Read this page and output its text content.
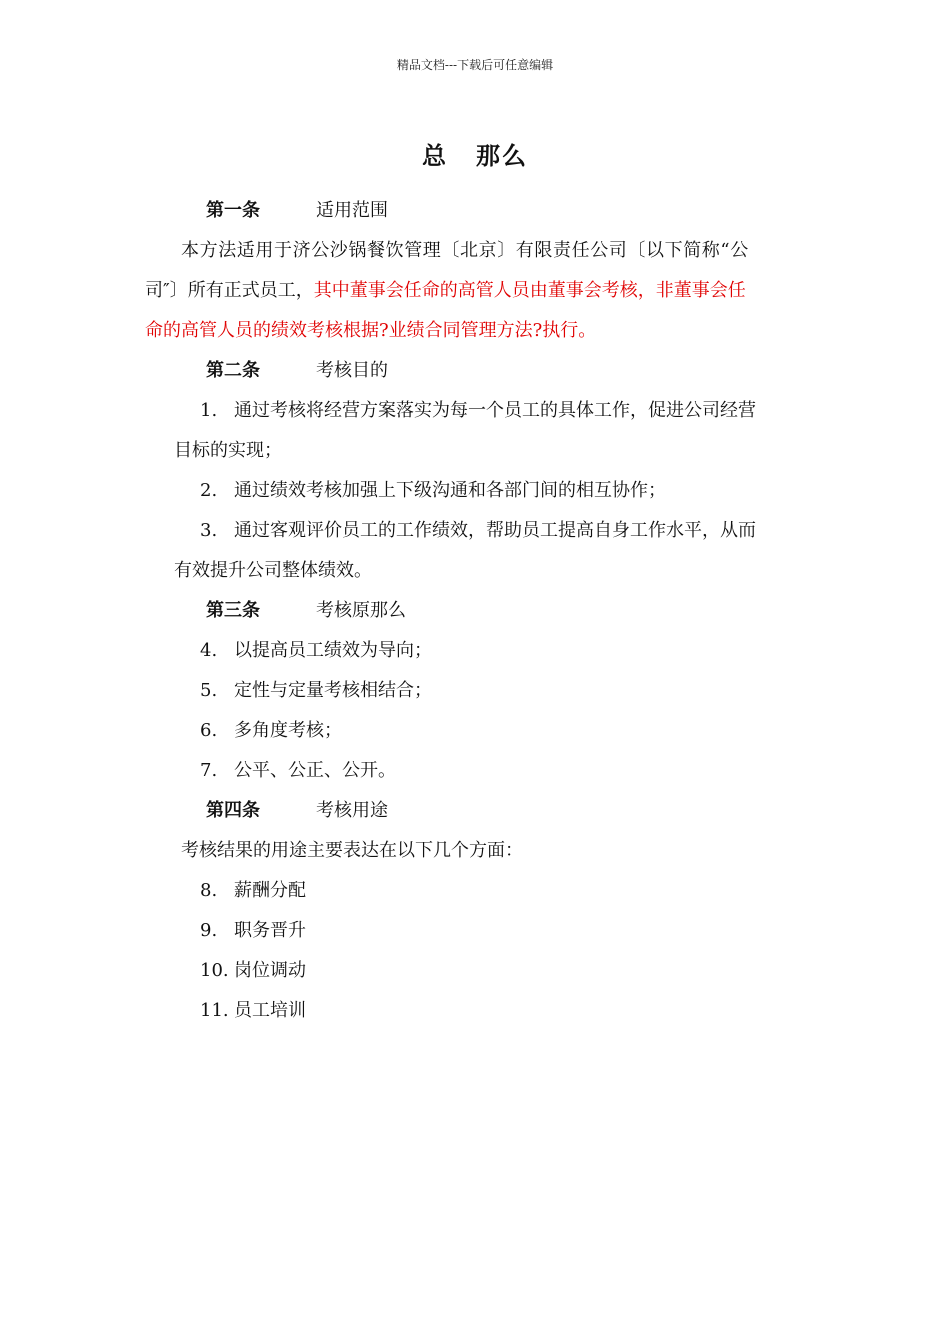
精品文档---下载后可任意编辑
总 那么
第一条	适用范围
本方法适用于济公沙锅餐饮管理〔北京〕有限责任公司〔以下简称“公
司″〕所有正式员工，其中董事会任命的高管人员由董事会考核，非董事会任
命的高管人员的绩效考核根据?业绩合同管理方法?执行。
第二条	考核目的
1. 通过考核将经营方案落实为每一个员工的具体工作，促进公司经营
目标的实现；
2. 通过绩效考核加强上下级沟通和各部门间的相互协作；
3. 通过客观评价员工的工作绩效，帮助员工提高自身工作水平，从而
有效提升公司整体绩效。
第三条	考核原那么
4. 以提高员工绩效为导向；
5. 定性与定量考核相结合；
6. 多角度考核；
7. 公平、公正、公开。
第四条	考核用途
考核结果的用途主要表达在以下几个方面：
8. 薪酬分配
9. 职务晋升
10. 岗位调动
11. 员工培训
